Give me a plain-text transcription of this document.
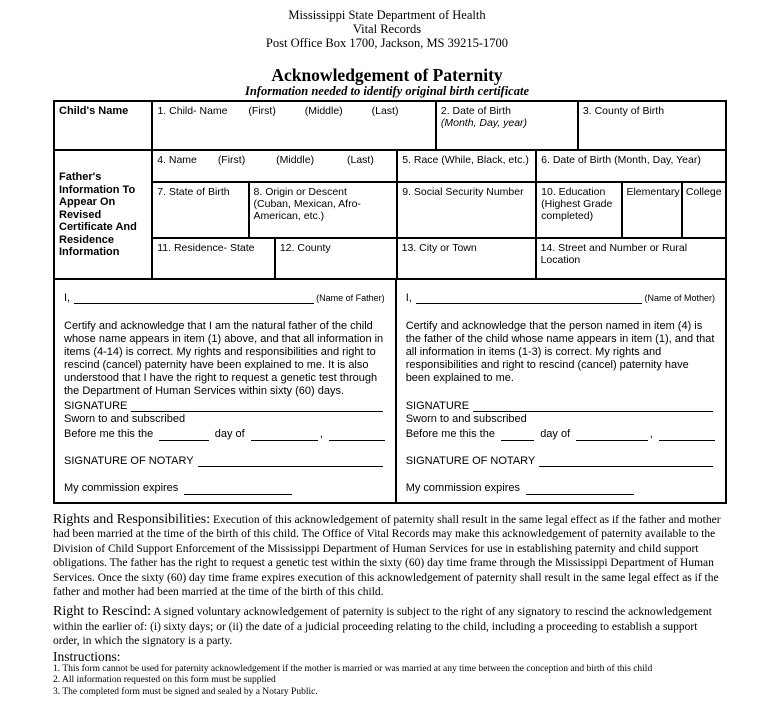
Mississippi State Department of Health
Vital Records
Post Office Box 1700, Jackson, MS 39215-1700
Acknowledgement of Paternity
Information needed to identify original birth certificate
Child's Name	1. Child- Name (First)	(Middle)	(Last)	2. Date of Birth
(Month, Day, year)
3. County of Birth
Father's Information To Appear On Revised Certificate And Residence Information
4. Name (First)	(Middle)	(Last)	5. Race (While, Black, etc.)	6. Date of Birth (Month, Day, Year)
7. State of Birth	8. Origin or Descent
(Cuban, Mexican, Afro-American, etc.)
9. Social Security Number	10. Education
(Highest Grade completed)
Elementary College
11. Residence- State	12. County	13. City or Town	14. Street and Number or Rural Location
I,	(Name of Father)
Certify and acknowledge that I am the natural father of the child whose name appears in item (1) above, and that all information in items (4-14) is correct. My rights and responsibilities and right to rescind (cancel) paternity have been explained to me. It is also understood that I have the right to request a genetic test through the Department of Human Services within sixty (60) days.
SIGNATURE
Sworn to and subscribed
Before me this the	day of	,
SIGNATURE OF NOTARY
My commission expires
I,	(Name of Mother)
Certify and acknowledge that the person named in item (4) is the father of the child whose name appears in item (1), and that all information in items (1-3) is correct. My rights and responsibilities and right to rescind (cancel) paternity have been explained to me.
SIGNATURE
Sworn to and subscribed
Before me this the	day of	,
SIGNATURE OF NOTARY
My commission expires
Rights and Responsibilities: Execution of this acknowledgement of paternity shall result in the same legal effect as if the father and mother had been married at the time of the birth of this child. The Office of Vital Records may make this acknowledgement of paternity available to the Division of Child Support Enforcement of the Mississippi Department of Human Services for use in establishing paternity and child support obligations. The father has the right to request a genetic test within the sixty (60) day time frame through the Mississippi Department of Human Services. Once the sixty (60) day time frame expires execution of this acknowledgement of paternity shall result in the same legal effect as if the father and mother had been married at the time of the birth of this child.
Right to Rescind: A signed voluntary acknowledgement of paternity is subject to the right of any signatory to rescind the acknowledgement within the earlier of: (i) sixty days; or (ii) the date of a judicial proceeding relating to the child, including a proceeding to establish a support order, in which the signatory is a party.
Instructions:
1. This form cannot be used for paternity acknowledgement if the mother is married or was married at any time between the conception and birth of this child
2. All information requested on this form must be supplied
3. The completed form must be signed and sealed by a Notary Public.
